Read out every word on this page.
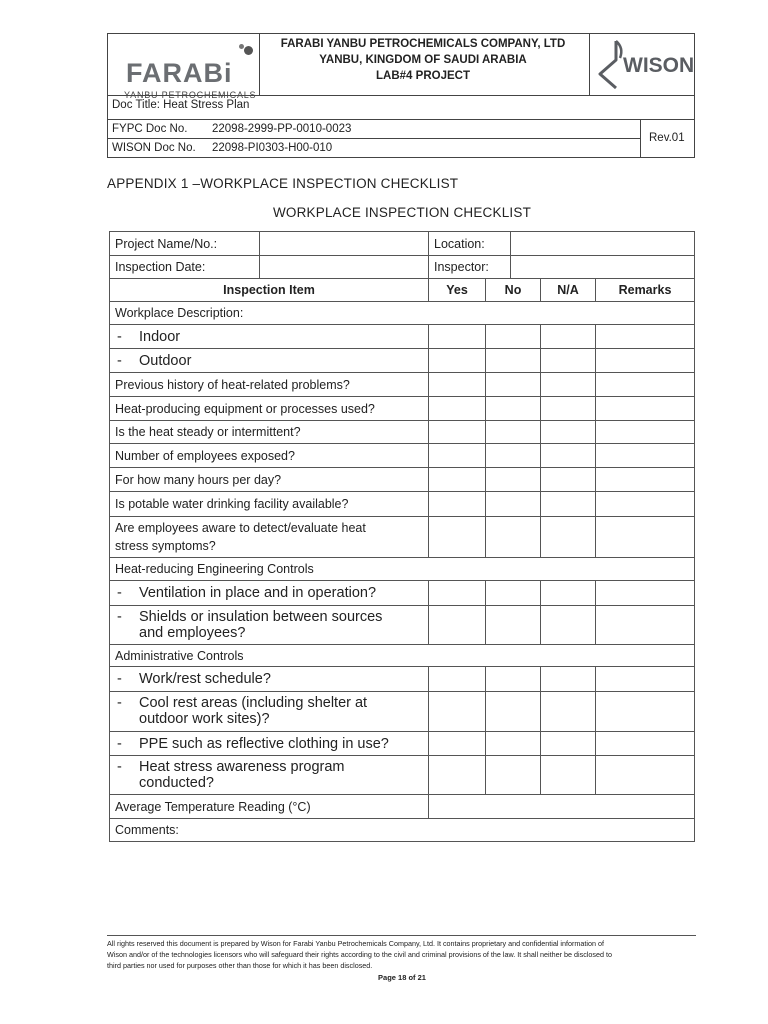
FARABi
YANBU PETROCHEMICALS
FARABI YANBU PETROCHEMICALS COMPANY, LTD
YANBU, KINGDOM OF SAUDI ARABIA
LAB#4 PROJECT	WISON
Doc Title: Heat Stress Plan
FYPC Doc No. 22098-2999-PP-0010-0023
WISON Doc No. 22098-PI0303-H00-010
Rev.01
APPENDIX 1 –WORKPLACE INSPECTION CHECKLIST
WORKPLACE INSPECTION CHECKLIST
Project Name/No.:		Location:				
Inspection Date:		Inspector:				
Inspection Item		Yes	No		N/A	Remarks
Workplace Description:						
- Indoor						
- Outdoor						
Previous history of heat-related problems?						
Heat-producing equipment or processes used?						
Is the heat steady or intermittent?						
Number of employees exposed?						
For how many hours per day?						
Is potable water drinking facility available?						
Are employees aware to detect/evaluate heat
stress symptoms?						
Heat-reducing Engineering Controls						
- Ventilation in place and in operation?						
- Shields or insulation between sources
and employees?						

Administrative Controls						
- Work/rest schedule?						
- Cool rest areas (including shelter at
outdoor work sites)?						

- PPE such as reflective clothing in use?						
- Heat stress awareness program
conducted?						

Average Temperature Reading (°C)						
Comments:						
All rights reserved this document is prepared by Wison for Farabi Yanbu Petrochemicals Company, Ltd. It contains proprietary and confidential information of
Wison and/or of the technologies licensors who will safeguard their rights according to the civil and criminal provisions of the law. It shall neither be disclosed to
third parties nor used for purposes other than those for which it has been disclosed.
Page 18 of 21
